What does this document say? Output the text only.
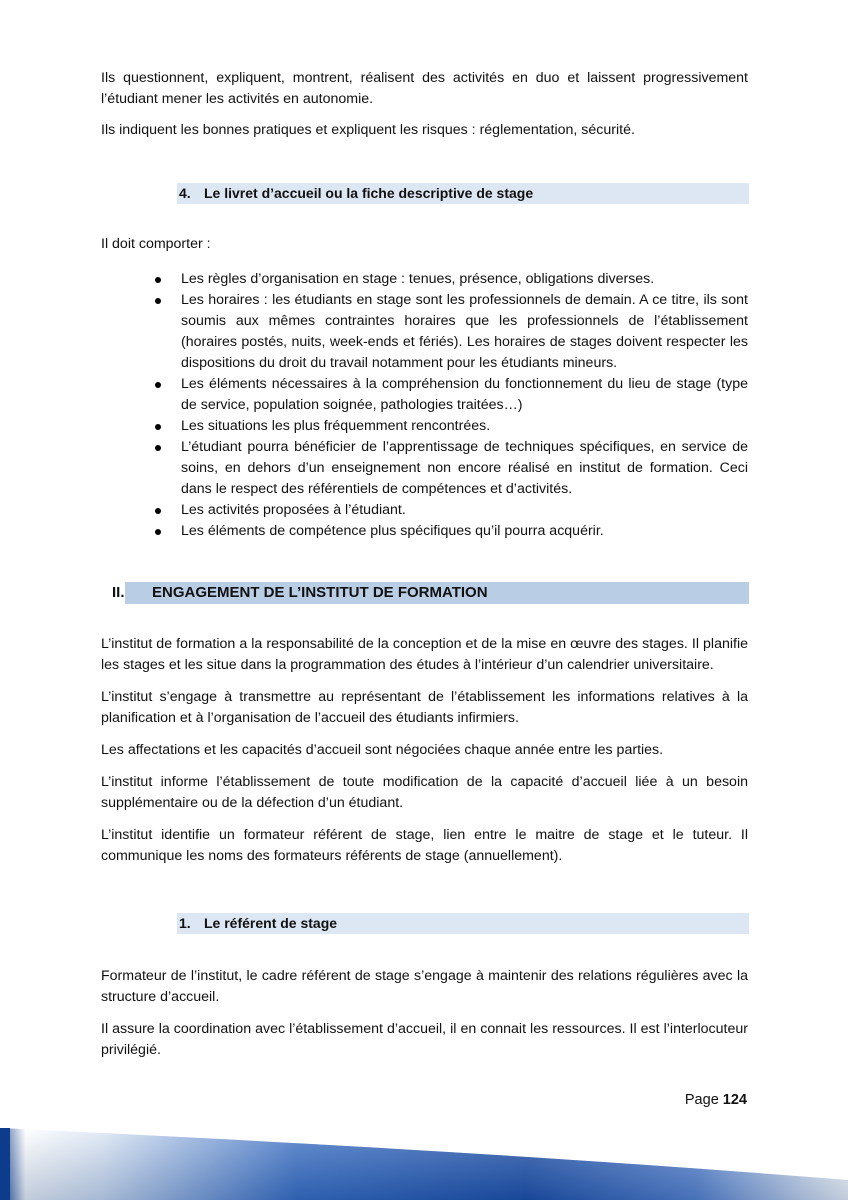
Ils questionnent, expliquent, montrent, réalisent des activités en duo et laissent progressivement l’étudiant mener les activités en autonomie.

Ils indiquent les bonnes pratiques et expliquent les risques : réglementation, sécurité.

4. Le livret d’accueil ou la fiche descriptive de stage

Il doit comporter :

Les règles d’organisation en stage : tenues, présence, obligations diverses.
Les horaires : les étudiants en stage sont les professionnels de demain. A ce titre, ils sont soumis aux mêmes contraintes horaires que les professionnels de l’établissement (horaires postés, nuits, week-ends et fériés). Les horaires de stages doivent respecter les dispositions du droit du travail notamment pour les étudiants mineurs.
Les éléments nécessaires à la compréhension du fonctionnement du lieu de stage (type de service, population soignée, pathologies traitées…)
Les situations les plus fréquemment rencontrées.
L’étudiant pourra bénéficier de l’apprentissage de techniques spécifiques, en service de soins, en dehors d’un enseignement non encore réalisé en institut de formation. Ceci dans le respect des référentiels de compétences et d’activités.
Les activités proposées à l’étudiant.
Les éléments de compétence plus spécifiques qu’il pourra acquérir.
II. ENGAGEMENT DE L’INSTITUT DE FORMATION

L’institut de formation a la responsabilité de la conception et de la mise en œuvre des stages. Il planifie les stages et les situe dans la programmation des études à l’intérieur d’un calendrier universitaire.

L’institut s’engage à transmettre au représentant de l’établissement les informations relatives à la planification et à l’organisation de l’accueil des étudiants infirmiers.

Les affectations et les capacités d’accueil sont négociées chaque année entre les parties.

L’institut informe l’établissement de toute modification de la capacité d’accueil liée à un besoin supplémentaire ou de la défection d’un étudiant.

L’institut identifie un formateur référent de stage, lien entre le maitre de stage et le tuteur. Il communique les noms des formateurs référents de stage (annuellement).

1. Le référent de stage

Formateur de l’institut, le cadre référent de stage s’engage à maintenir des relations régulières avec la structure d’accueil.

Il assure la coordination avec l’établissement d’accueil, il en connait les ressources. Il est l’interlocuteur privilégié.

Page 124
